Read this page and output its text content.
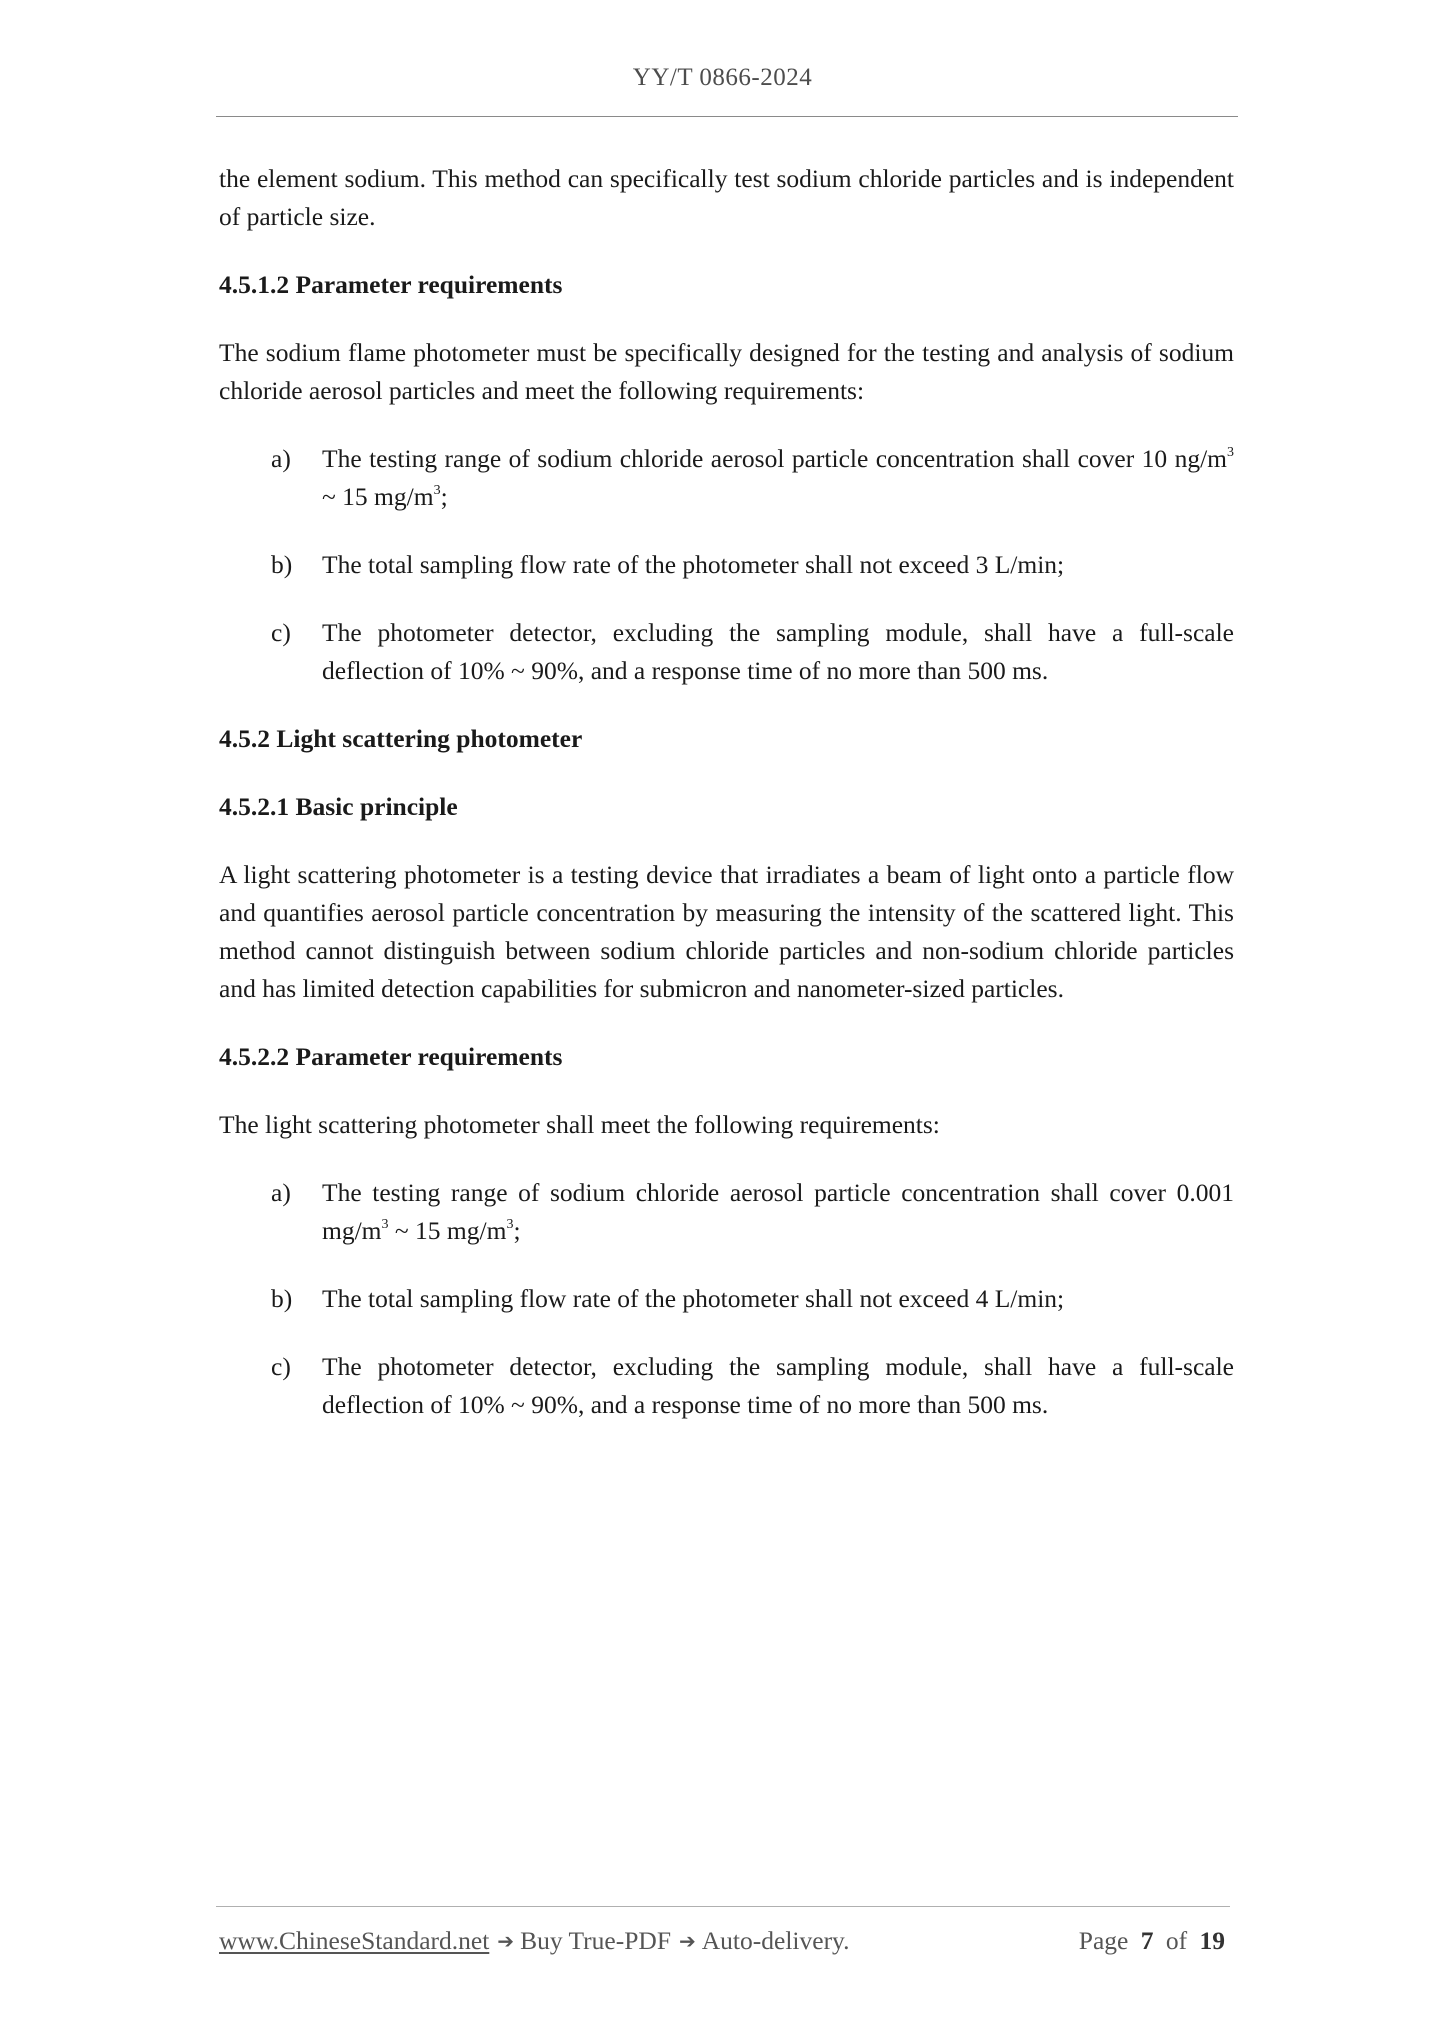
YY/T 0866-2024

the element sodium. This method can specifically test sodium chloride particles and is independent of particle size.

4.5.1.2 Parameter requirements

The sodium flame photometer must be specifically designed for the testing and analysis of sodium chloride aerosol particles and meet the following requirements:

a) The testing range of sodium chloride aerosol particle concentration shall cover 10 $ng/m^3$ ~ 15 $mg/m^3$;
b) The total sampling flow rate of the photometer shall not exceed 3 L/min;
c) The photometer detector, excluding the sampling module, shall have a full-scale deflection of 10% ~ 90%, and a response time of no more than 500 ms.

4.5.2 Light scattering photometer

4.5.2.1 Basic principle

A light scattering photometer is a testing device that irradiates a beam of light onto a particle flow and quantifies aerosol particle concentration by measuring the intensity of the scattered light. This method cannot distinguish between sodium chloride particles and non-sodium chloride particles and has limited detection capabilities for submicron and nanometer-sized particles.

4.5.2.2 Parameter requirements

The light scattering photometer shall meet the following requirements:

a) The testing range of sodium chloride aerosol particle concentration shall cover 0.001 $mg/m^3$ ~ 15 $mg/m^3$;
b) The total sampling flow rate of the photometer shall not exceed 4 L/min;
c) The photometer detector, excluding the sampling module, shall have a full-scale deflection of 10% ~ 90%, and a response time of no more than 500 ms.
www.ChineseStandard.net ➔ Buy True-PDF ➔ Auto-delivery.	Page 7 of 19
